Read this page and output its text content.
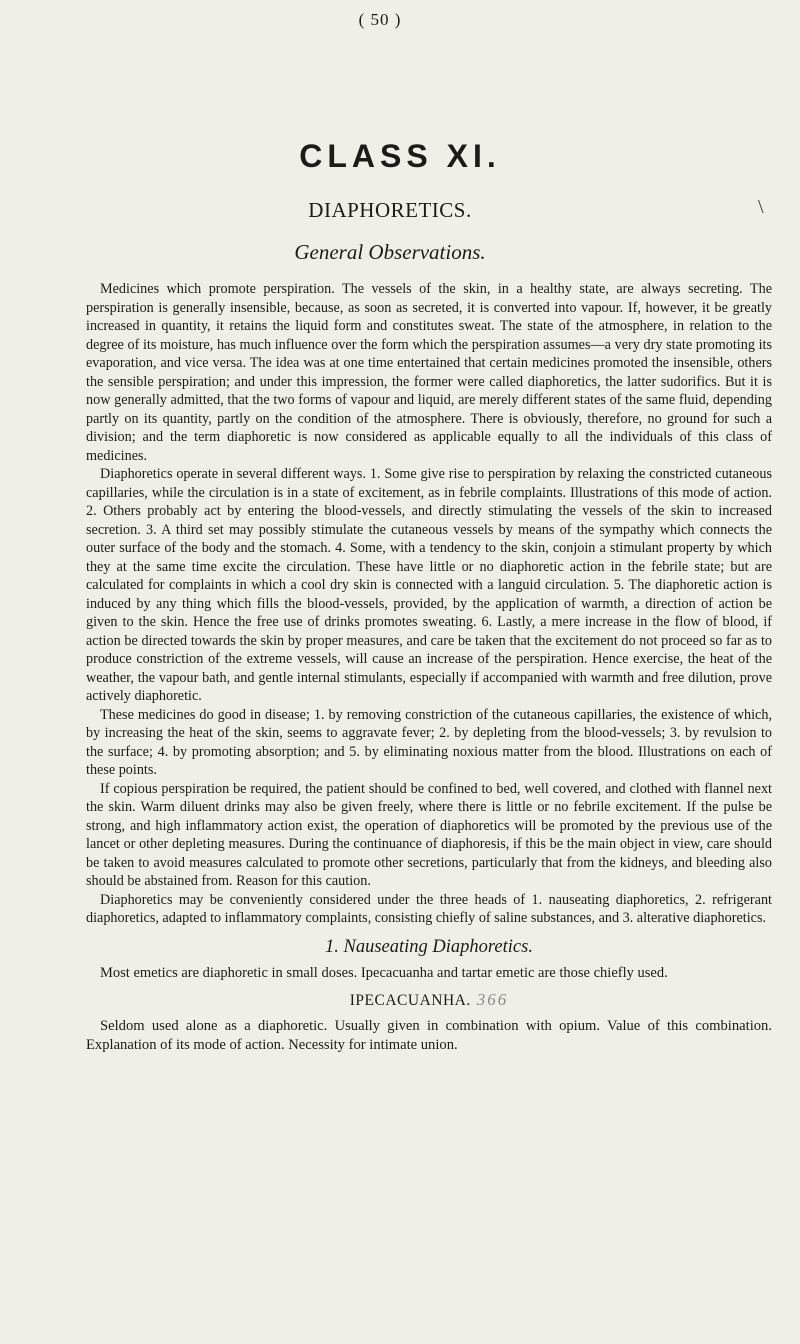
( 50 )
CLASS XI.
DIAPHORETICS.	\
General Observations.

Medicines which promote perspiration. The vessels of the skin, in a healthy state, are always secreting. The perspiration is generally insensible, because, as soon as secreted, it is converted into vapour. If, however, it be greatly increased in quantity, it retains the liquid form and constitutes sweat. The state of the atmosphere, in relation to the degree of its moisture, has much influence over the form which the perspiration assumes—a very dry state promoting its evaporation, and vice versa. The idea was at one time entertained that certain medicines promoted the insensible, others the sensible perspiration; and under this impression, the former were called diaphoretics, the latter sudorifics. But it is now generally admitted, that the two forms of vapour and liquid, are merely different states of the same fluid, depending partly on its quantity, partly on the condition of the atmosphere. There is obviously, therefore, no ground for such a division; and the term diaphoretic is now considered as applicable equally to all the individuals of this class of medicines.

Diaphoretics operate in several different ways. 1. Some give rise to perspiration by relaxing the constricted cutaneous capillaries, while the circulation is in a state of excitement, as in febrile complaints. Illustrations of this mode of action. 2. Others probably act by entering the blood-vessels, and directly stimulating the vessels of the skin to increased secretion. 3. A third set may possibly stimulate the cutaneous vessels by means of the sympathy which connects the outer surface of the body and the stomach. 4. Some, with a tendency to the skin, conjoin a stimulant property by which they at the same time excite the circulation. These have little or no diaphoretic action in the febrile state; but are calculated for complaints in which a cool dry skin is connected with a languid circulation. 5. The diaphoretic action is induced by any thing which fills the blood-vessels, provided, by the application of warmth, a direction of action be given to the skin. Hence the free use of drinks promotes sweating. 6. Lastly, a mere increase in the flow of blood, if action be directed towards the skin by proper measures, and care be taken that the excitement do not proceed so far as to produce constriction of the extreme vessels, will cause an increase of the perspiration. Hence exercise, the heat of the weather, the vapour bath, and gentle internal stimulants, especially if accompanied with warmth and free dilution, prove actively diaphoretic.

These medicines do good in disease; 1. by removing constriction of the cutaneous capillaries, the existence of which, by increasing the heat of the skin, seems to aggravate fever; 2. by depleting from the blood-vessels; 3. by revulsion to the surface; 4. by promoting absorption; and 5. by eliminating noxious matter from the blood. Illustrations on each of these points.

If copious perspiration be required, the patient should be confined to bed, well covered, and clothed with flannel next the skin. Warm diluent drinks may also be given freely, where there is little or no febrile excitement. If the pulse be strong, and high inflammatory action exist, the operation of diaphoretics will be promoted by the previous use of the lancet or other depleting measures. During the continuance of diaphoresis, if this be the main object in view, care should be taken to avoid measures calculated to promote other secretions, particularly that from the kidneys, and bleeding also should be abstained from. Reason for this caution.

Diaphoretics may be conveniently considered under the three heads of 1. nauseating diaphoretics, 2. refrigerant diaphoretics, adapted to inflammatory complaints, consisting chiefly of saline substances, and 3. alterative diaphoretics.

1. Nauseating Diaphoretics.

Most emetics are diaphoretic in small doses. Ipecacuanha and tartar emetic are those chiefly used.

IPECACUANHA. 366

Seldom used alone as a diaphoretic. Usually given in combination with opium. Value of this combination. Explanation of its mode of action. Necessity for intimate union.
